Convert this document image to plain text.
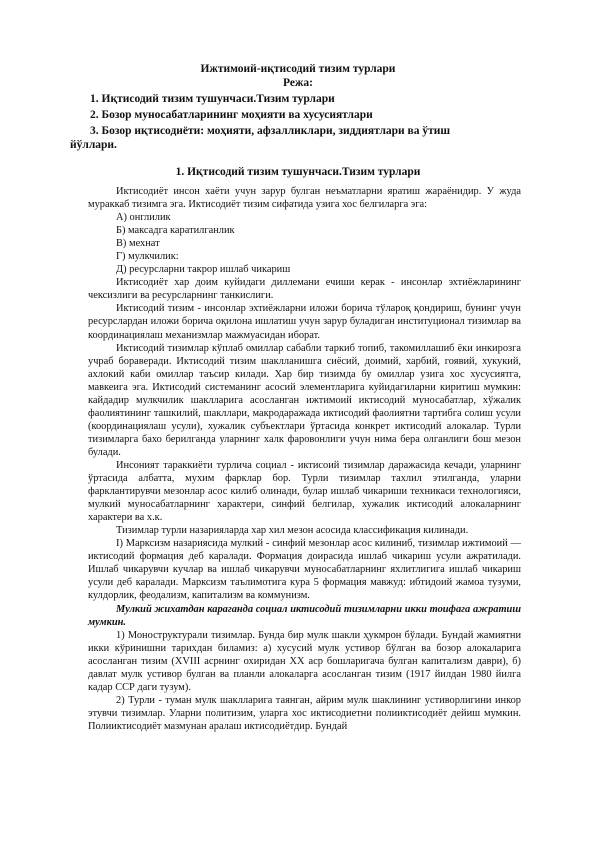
Ижтимоий-иқтисодий тизим турлари
Режа:
1. Иқтисодий тизим тушунчаси.Тизим турлари
2. Бозор муносабатларининг моҳияти ва хусусиятлари
3. Бозор иқтисодиёти: моҳияти, афзалликлари, зиддиятлари ва ўтиш
йўллари.
1. Иқтисодий тизим тушунчаси.Тизим турлари

Иктисодиёт инсон хаёти учун зарур булган неъматларни яратиш жараёнидир. У жуда мураккаб тизимга эга. Иктисодиёт тизим сифатида узига хос белгиларга эга:

A) онглилик

Б) максадга каратилганлик

В) мехнат

Г) мулкчилик:

Д) ресурсларни такрор ишлаб чикариш

Иктисодиёт хар доим куйидаги диллемани ечиши керак - инсонлар эхтиёжларининг чексизлиги ва ресурсларнинг танкислиги.

Иктисодий тизим - инсонлар эхтиёжларни иложи борича тўлароқ қондириш, бунинг учун ресурслардан иложи борича оқилона ишлатиш учун зарур буладиган институционал тизимлар ва координациялаш механизмлар мажмуасидан иборат.

Иктисодий тизимлар кўплаб омиллар сабабли таркиб топиб, такомиллашиб ёки инкирозга учраб бораверади. Иктисодий тизим шаклланишга сиёсий, доимий, харбий, гоявий, хукукий, ахлокий каби омиллар таъсир килади. Хар бир тизимда бу омиллар узига хос хусусиятга, мавкеига эга. Иктисодий системанинг асосий элементларига куйидагиларни киритиш мумкин: кайдадир мулкчилик шаклларига асосланган ижтимоий иктисодий муносабатлар, хўжалик фаолиятининг ташкилий, шакллари, макродаражада иктисодий фаолиятни тартибга солиш усули (координациялаш усули), хужалик субъектлари ўртасида конкрет иктисодий алокалар. Турли тизимларга бахо берилганда уларнинг халк фаровонлиги учун нима бера олганлиги бош мезон булади.

Инсоният тараккиёти турлича социал - иктисоий тизимлар даражасида кечади, уларнинг ўртасида албатта, мухим фарклар бор. Турли тизимлар тахлил этилганда, уларни фарклантирувчи мезонлар асос килиб олинади, булар ишлаб чикариши техникаси технологияси, мулкий муносабатларнинг характери, синфий белгилар, хужалик иктисодий алокаларнинг характери ва х.к.

Тизимлар турли назарияларда хар хил мезон асосида классификация килинади.

I) Марксизм назариясида мулкий - синфий мезонлар асос килиниб, тизимлар ижтимоий — иктисодий формация деб каралади. Формация доирасида ишлаб чикариш усули ажратилади. Ишлаб чикарувчи кучлар ва ишлаб чикарувчи муносабатларнинг яхлитлигига ишлаб чикариш усули деб каралади. Марксизм таълимотига кура 5 формация мавжуд: ибтидоий жамоа тузуми, кулдорлик, феодализм, капитализм ва коммунизм.

Мулкий жихатдан караганда социал иктисодий тизимларни икки тоифага ажратиш мумкин.

1) Моноструктурали тизимлар. Бунда бир мулк шакли ҳукмрон бўлади. Бундай жамиятни икки кўринишни тарихдан биламиз: а) хусусий мулк устивор бўлган ва бозор алокаларига асосланган тизим (XVIII асрнинг охиридан XX аср бошларигача булган капитализм даври), б) давлат мулк устивор булган ва планли алокаларга асосланган тизим (1917 йилдан 1980 йилга кадар ССР даги тузум).

2) Турли - туман мулк шаклларига таянган, айрим мулк шаклининг устиворлигини инкор этувчи тизимлар. Уларни политизим, уларга хос иктисодиетни полииктисодиёт дейиш мумкин. Полииктисодиёт мазмунан аралаш иктисодиётдир. Бундай
